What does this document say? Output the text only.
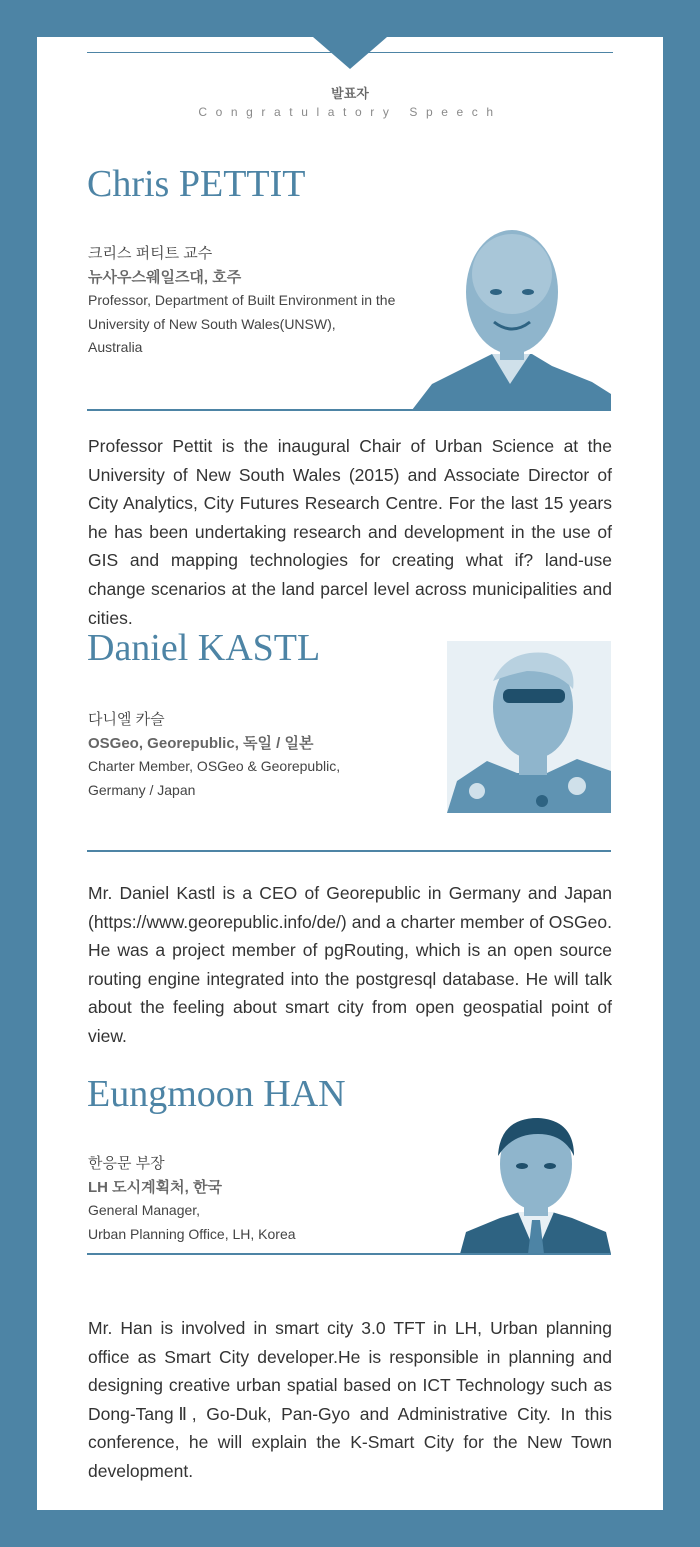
발표자
Congratulatory Speech
Chris PETTIT
크리스 퍼티트 교수
뉴사우스웨일즈대, 호주
Professor, Department of Built Environment in the
University of New South Wales(UNSW),
Australia

Professor Pettit is the inaugural Chair of Urban Science at the University of New South Wales (2015) and Associate Director of City Analytics, City Futures Research Centre. For the last 15 years he has been undertaking research and development in the use of GIS and mapping technologies for creating what if? land-use change scenarios at the land parcel level across municipalities and cities.

Daniel KASTL
다니엘 카슬
OSGeo, Georepublic, 독일 / 일본
Charter Member, OSGeo & Georepublic,
Germany / Japan

Mr. Daniel Kastl is a CEO of Georepublic in Germany and Japan (https://www.georepublic.info/de/) and a charter member of OSGeo. He was a project member of pgRouting, which is an open source routing engine integrated into the postgresql database. He will talk about the feeling about smart city from open geospatial point of view.

Eungmoon HAN
한응문 부장
LH 도시계획처, 한국
General Manager,
Urban Planning Office, LH, Korea

Mr. Han is involved in smart city 3.0 TFT in LH, Urban planning office as Smart City developer.He is responsible in planning and designing creative urban spatial based on ICT Technology such as Dong-TangⅡ, Go-Duk, Pan-Gyo and Administrative City. In this conference, he will explain the K-Smart City for the New Town development.
